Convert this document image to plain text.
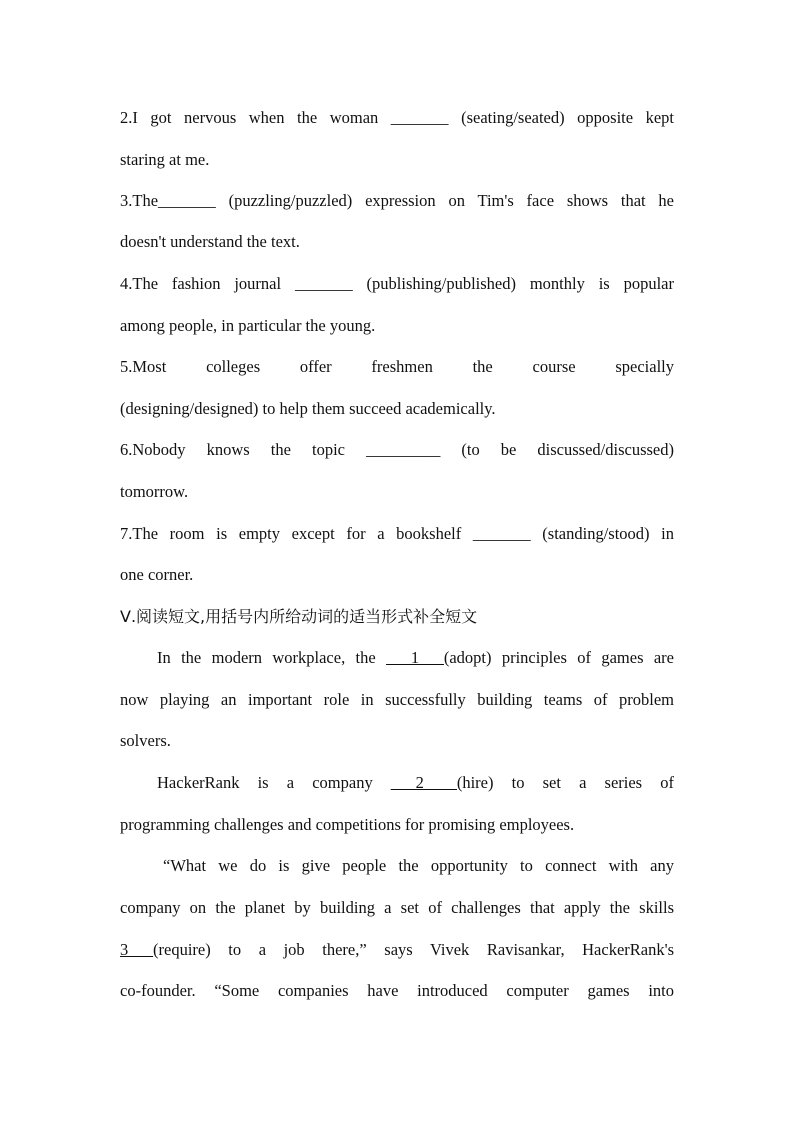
2.I got nervous when the woman _______ (seating/seated) opposite kept
staring at me.
3.The_______ (puzzling/puzzled) expression on Tim's face shows that he
doesn't understand the text.
4.The fashion journal _______ (publishing/published) monthly is popular
among people, in particular the young.
5.Most colleges offer freshmen the course specially
(designing/designed) to help them succeed academically.
6.Nobody knows the topic _________ (to be discussed/discussed)
tomorrow.
7.The room is empty except for a bookshelf _______ (standing/stood) in
one corner.
Ⅴ.阅读短文,用括号内所给动词的适当形式补全短文
In the modern workplace, the ___1___(adopt) principles of games are
now playing an important role in successfully building teams of problem
solvers.
HackerRank is a company ___2____(hire) to set a series of
programming challenges and competitions for promising employees.
“What we do is give people the opportunity to connect with any
company on the planet by building a set of challenges that apply the skills
3___(require) to a job there,” says Vivek Ravisankar, HackerRank's
co-founder. “Some companies have introduced computer games into
